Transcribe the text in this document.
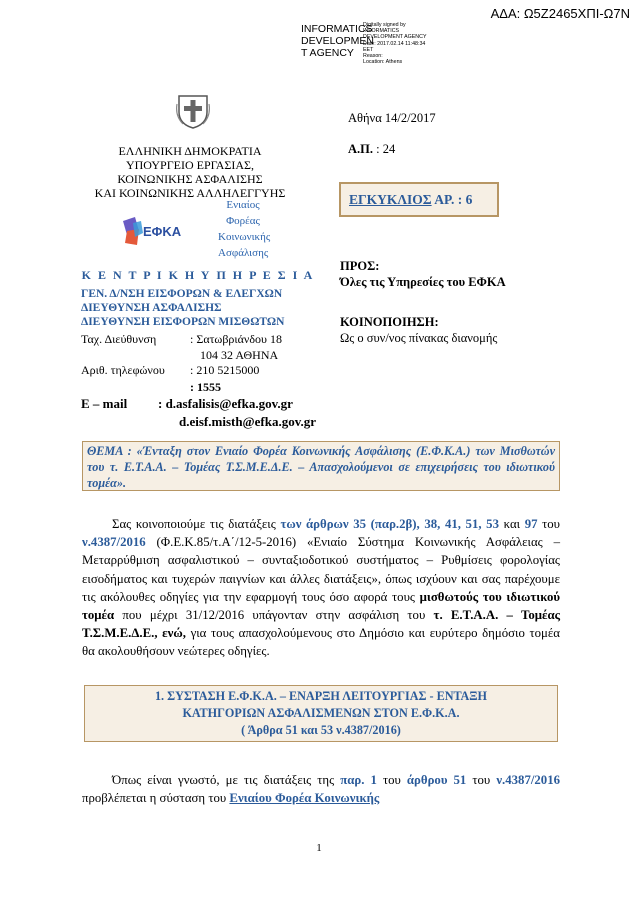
ΑΔΑ: Ω5Ζ2465ΧΠΙ-Ω7Ν
INFORMATICS
DEVELOPMEN
T AGENCY
Digitally signed by
INFORMATICS
DEVELOPMENT AGENCY
Date: 2017.02.14 11:48:34
EET
Reason:
Location: Athens
ΕΛΛΗΝΙΚΗ ΔΗΜΟΚΡΑΤΙΑ
ΥΠΟΥΡΓΕΙΟ ΕΡΓΑΣΙΑΣ,
ΚΟΙΝΩΝΙΚΗΣ ΑΣΦΑΛΙΣΗΣ
ΚΑΙ ΚΟΙΝΩΝΙΚΗΣ ΑΛΛΗΛΕΓΓΥΗΣ
ΕΦΚΑ
Ενιαίος
Φορέας
Κοινωνικής
Ασφάλισης
Κ Ε Ν Τ Ρ Ι Κ Η Υ Π Η Ρ Ε Σ Ι Α
ΓΕΝ. Δ/ΝΣΗ ΕΙΣΦΟΡΩΝ & ΕΛΕΓΧΩΝ
ΔΙΕΥΘΥΝΣΗ ΑΣΦΑΛΙΣΗΣ
ΔΙΕΥΘΥΝΣΗ ΕΙΣΦΟΡΩΝ ΜΙΣΘΩΤΩΝ
Ταχ. Διεύθυνση	: Σατωβριάνδου 18
104 32 ΑΘΗΝΑ
Αριθ. τηλεφώνου : 210 5215000
: 1555
E – mail : d.asfalisis@efka.gov.gr
d.eisf.misth@efka.gov.gr
Αθήνα 14/2/2017
Α.Π. : 24
ΕΓΚΥΚΛΙΟΣ ΑΡ. : 6
ΠΡΟΣ:
Όλες τις Υπηρεσίες του ΕΦΚΑ
ΚΟΙΝΟΠΟΙΗΣΗ:
Ως ο συν/νος πίνακας διανομής
ΘΕΜΑ : «Ένταξη στον Ενιαίο Φορέα Κοινωνικής Ασφάλισης (Ε.Φ.Κ.Α.) των Μισθωτών του τ. Ε.Τ.Α.Α. – Τομέας Τ.Σ.Μ.Ε.Δ.Ε. – Απασχολούμενοι σε επιχειρήσεις του ιδιωτικού τομέα».
Σας κοινοποιούμε τις διατάξεις των άρθρων 35 (παρ.2β), 38, 41, 51, 53 και 97 του ν.4387/2016 (Φ.Ε.Κ.85/τ.Α΄/12-5-2016) «Ενιαίο Σύστημα Κοινωνικής Ασφάλειας – Μεταρρύθμιση ασφαλιστικού – συνταξιοδοτικού συστήματος – Ρυθμίσεις φορολογίας εισοδήματος και τυχερών παιγνίων και άλλες διατάξεις», όπως ισχύουν και σας παρέχουμε τις ακόλουθες οδηγίες για την εφαρμογή τους όσο αφορά τους μισθωτούς του ιδιωτικού τομέα που μέχρι 31/12/2016 υπάγονταν στην ασφάλιση του τ. Ε.Τ.Α.Α. – Τομέας Τ.Σ.Μ.Ε.Δ.Ε., ενώ, για τους απασχολούμενους στο Δημόσιο και ευρύτερο δημόσιο τομέα θα ακολουθήσουν νεώτερες οδηγίες.
1. ΣΥΣΤΑΣΗ Ε.Φ.Κ.Α. – ΕΝΑΡΞΗ ΛΕΙΤΟΥΡΓΙΑΣ - ΕΝΤΑΞΗ
ΚΑΤΗΓΟΡΙΩΝ ΑΣΦΑΛΙΣΜΕΝΩΝ ΣΤΟΝ Ε.Φ.Κ.Α.
( Άρθρα 51 και 53 ν.4387/2016)
Όπως είναι γνωστό, με τις διατάξεις της παρ. 1 του άρθρου 51 του ν.4387/2016 προβλέπεται η σύσταση του Ενιαίου Φορέα Κοινωνικής
1
